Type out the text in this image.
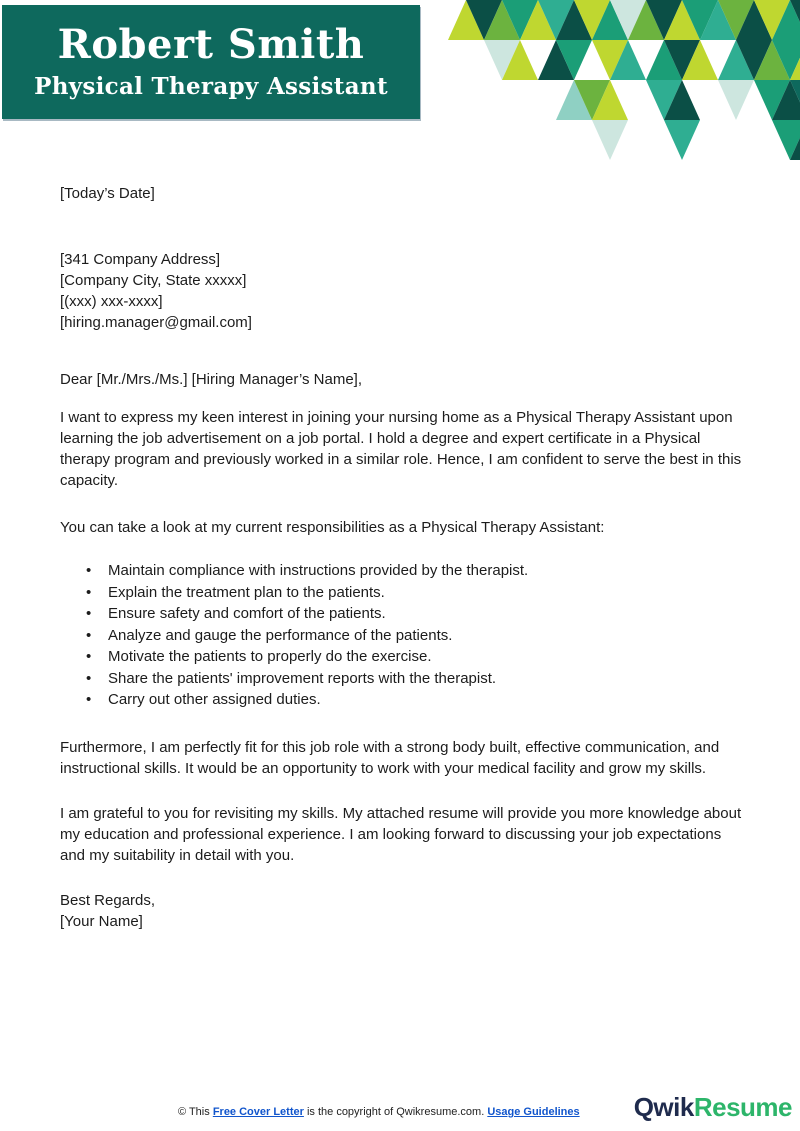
Robert Smith
Physical Therapy Assistant
[Today’s Date]
[341 Company Address]
[Company City, State xxxxx]
[(xxx) xxx-xxxx]
[hiring.manager@gmail.com]
Dear [Mr./Mrs./Ms.] [Hiring Manager’s Name],

I want to express my keen interest in joining your nursing home as a Physical Therapy Assistant upon learning the job advertisement on a job portal. I hold a degree and expert certificate in a Physical therapy program and previously worked in a similar role. Hence, I am confident to serve the best in this capacity.

You can take a look at my current responsibilities as a Physical Therapy Assistant:

• Maintain compliance with instructions provided by the therapist.
• Explain the treatment plan to the patients.
• Ensure safety and comfort of the patients.
• Analyze and gauge the performance of the patients.
• Motivate the patients to properly do the exercise.
• Share the patients' improvement reports with the therapist.
• Carry out other assigned duties.

Furthermore, I am perfectly fit for this job role with a strong body built, effective communication, and instructional skills. It would be an opportunity to work with your medical facility and grow my skills.

I am grateful to you for revisiting my skills. My attached resume will provide you more knowledge about my education and professional experience. I am looking forward to discussing your job expectations and my suitability in detail with you.

Best Regards,
[Your Name]
© This Free Cover Letter is the copyright of Qwikresume.com. Usage Guidelines QwikResume
